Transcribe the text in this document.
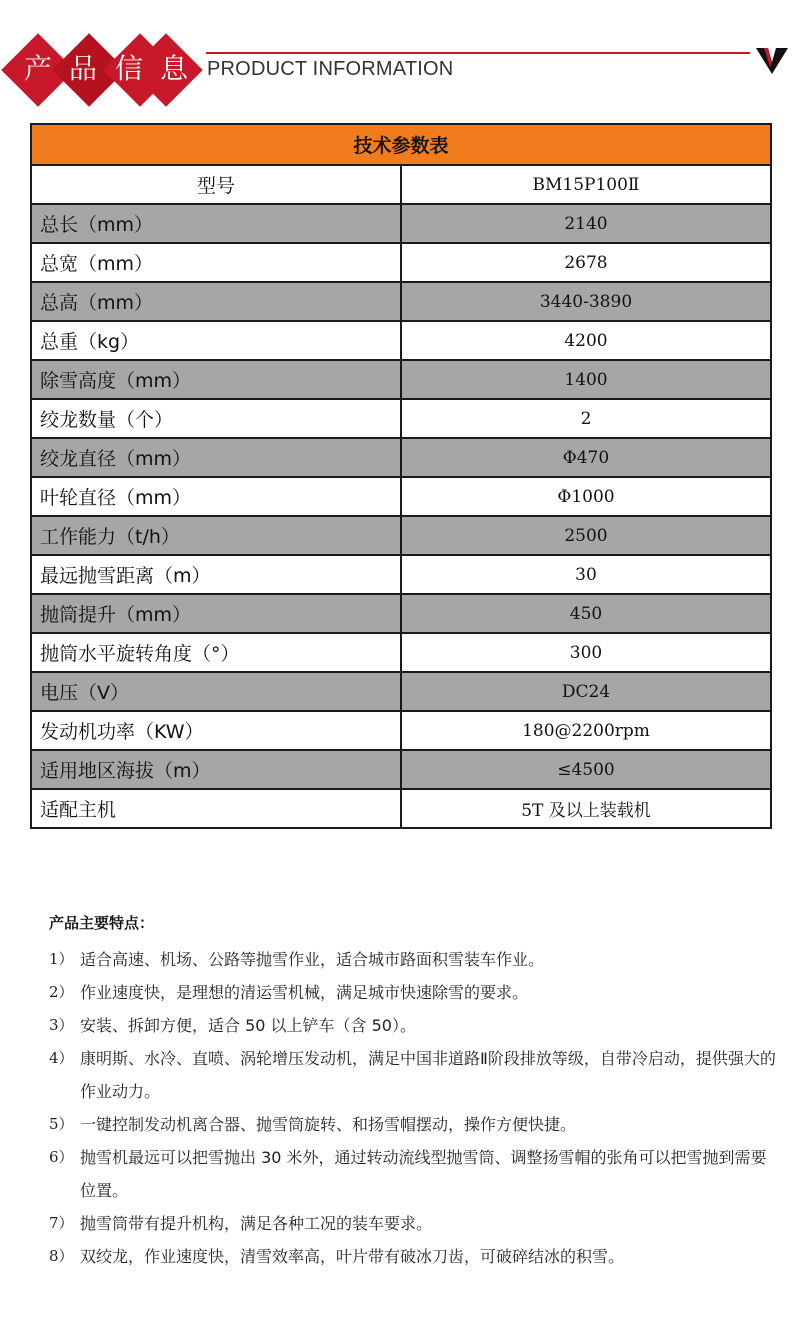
产 品 信 息 PRODUCT INFORMATION
技术参数表	
型号	BM15P100Ⅱ
总长（mm）	2140
总宽（mm）	2678
总高（mm）	3440-3890
总重（kg）	4200
除雪高度（mm）	1400
绞龙数量（个）	2
绞龙直径（mm）	Φ470
叶轮直径（mm）	Φ1000
工作能力（t/h）	2500
最远抛雪距离（m）	30
抛筒提升（mm）	450
抛筒水平旋转角度（°）	300
电压（V）	DC24
发动机功率（KW）	180@2200rpm
适用地区海拔（m）	≤4500
适配主机	5T 及以上装载机
产品主要特点：
1） 适合高速、机场、公路等抛雪作业，适合城市路面积雪装车作业。
2） 作业速度快，是理想的清运雪机械，满足城市快速除雪的要求。
3） 安装、拆卸方便，适合 50 以上铲车（含 50）。
4） 康明斯、水冷、直喷、涡轮增压发动机，满足中国非道路Ⅱ阶段排放等级，自带冷启动，提供强大的作业动力。
5） 一键控制发动机离合器、抛雪筒旋转、和扬雪帽摆动，操作方便快捷。
6） 抛雪机最远可以把雪抛出 30 米外，通过转动流线型抛雪筒、调整扬雪帽的张角可以把雪抛到需要位置。
7） 抛雪筒带有提升机构，满足各种工况的装车要求。
8） 双绞龙，作业速度快，清雪效率高，叶片带有破冰刀齿，可破碎结冰的积雪。
